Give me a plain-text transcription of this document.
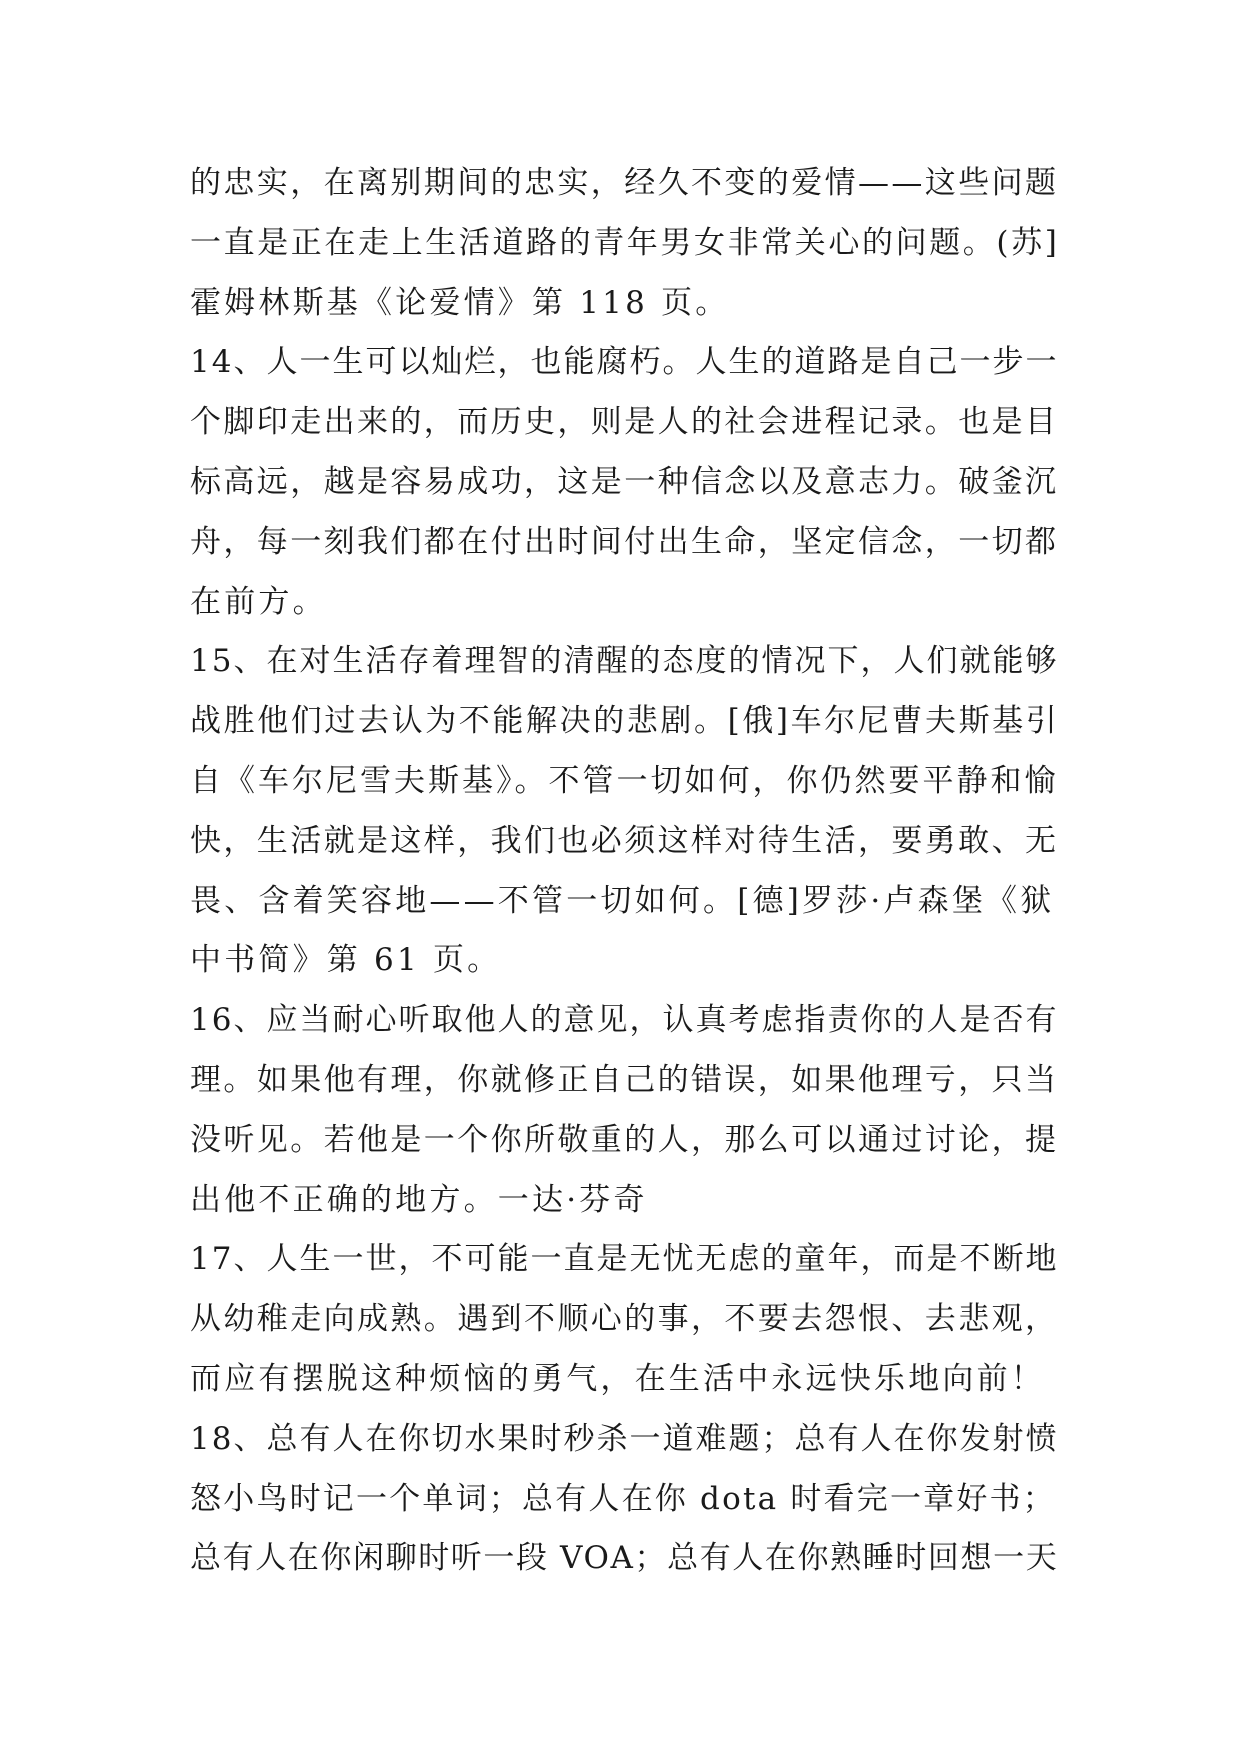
的忠实，在离别期间的忠实，经久不变的爱情——这些问题
一直是正在走上生活道路的青年男女非常关心的问题。(苏]
霍姆林斯基《论爱情》第 118 页。
14、人一生可以灿烂，也能腐朽。人生的道路是自己一步一
个脚印走出来的，而历史，则是人的社会进程记录。也是目
标高远，越是容易成功，这是一种信念以及意志力。破釜沉
舟，每一刻我们都在付出时间付出生命，坚定信念，一切都
在前方。
15、在对生活存着理智的清醒的态度的情况下，人们就能够
战胜他们过去认为不能解决的悲剧。[俄]车尔尼曹夫斯基引
自《车尔尼雪夫斯基》。不管一切如何，你仍然要平静和愉
快，生活就是这样，我们也必须这样对待生活，要勇敢、无
畏、含着笑容地——不管一切如何。[德]罗莎·卢森堡《狱
中书简》第 61 页。
16、应当耐心听取他人的意见，认真考虑指责你的人是否有
理。如果他有理，你就修正自己的错误，如果他理亏，只当
没听见。若他是一个你所敬重的人，那么可以通过讨论，提
出他不正确的地方。一达·芬奇
17、人生一世，不可能一直是无忧无虑的童年，而是不断地
从幼稚走向成熟。遇到不顺心的事，不要去怨恨、去悲观，
而应有摆脱这种烦恼的勇气，在生活中永远快乐地向前！
18、总有人在你切水果时秒杀一道难题；总有人在你发射愤
怒小鸟时记一个单词；总有人在你 dota 时看完一章好书；
总有人在你闲聊时听一段 VOA；总有人在你熟睡时回想一天
